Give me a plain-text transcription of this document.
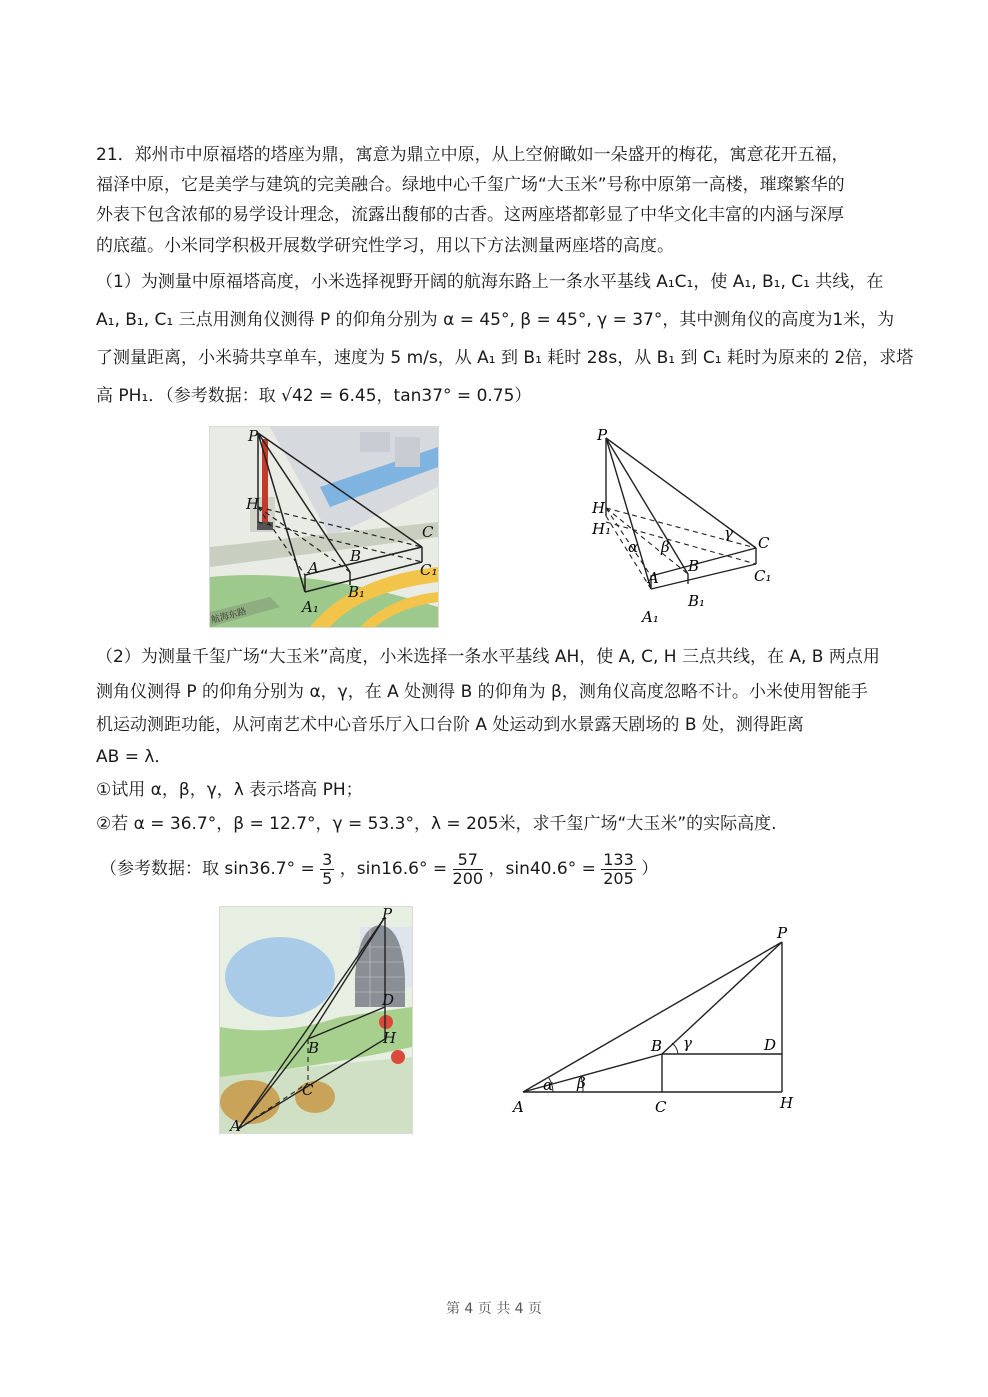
21．郑州市中原福塔的塔座为鼎，寓意为鼎立中原，从上空俯瞰如一朵盛开的梅花，寓意花开五福，
福泽中原，它是美学与建筑的完美融合。绿地中心千玺广场“大玉米”号称中原第一高楼，璀璨繁华的
外表下包含浓郁的易学设计理念，流露出馥郁的古香。这两座塔都彰显了中华文化丰富的内涵与深厚
的底蕴。小米同学积极开展数学研究性学习，用以下方法测量两座塔的高度。
（1）为测量中原福塔高度，小米选择视野开阔的航海东路上一条水平基线 A₁C₁，使 A₁, B₁, C₁ 共线，在
A₁, B₁, C₁ 三点用测角仪测得 P 的仰角分别为 α = 45°, β = 45°, γ = 37°，其中测角仪的高度为1米，为
了测量距离，小米骑共享单车，速度为 5 m/s，从 A₁ 到 B₁ 耗时 28s，从 B₁ 到 C₁ 耗时为原来的 2倍，求塔
高 PH₁．（参考数据：取 √42 = 6.45，tan37° = 0.75）
P
H
A
B
C
A₁
B₁
C₁
航海东路
P
H
H₁
α β
γ
A
B
C
A₁
B₁
C₁
（2）为测量千玺广场“大玉米”高度，小米选择一条水平基线 AH，使 A, C, H 三点共线，在 A, B 两点用
测角仪测得 P 的仰角分别为 α，γ，在 A 处测得 B 的仰角为 β，测角仪高度忽略不计。小米使用智能手
机运动测距功能，从河南艺术中心音乐厅入口台阶 A 处运动到水景露天剧场的 B 处，测得距离
AB = λ．
①试用 α，β，γ，λ 表示塔高 PH；
②若 α = 36.7°，β = 12.7°，γ = 53.3°，λ = 205米，求千玺广场“大玉米”的实际高度.
（参考数据：取 $\sin 36.7^\circ = \frac{3}{5}$ ，$\sin 16.6^\circ = \frac{57}{200}$ ，$\sin 40.6^\circ = \frac{133}{205}$ ）
P
D
H
B
C
A
P
D
B γ
α β
A	C	H
第 4 页 共 4 页
